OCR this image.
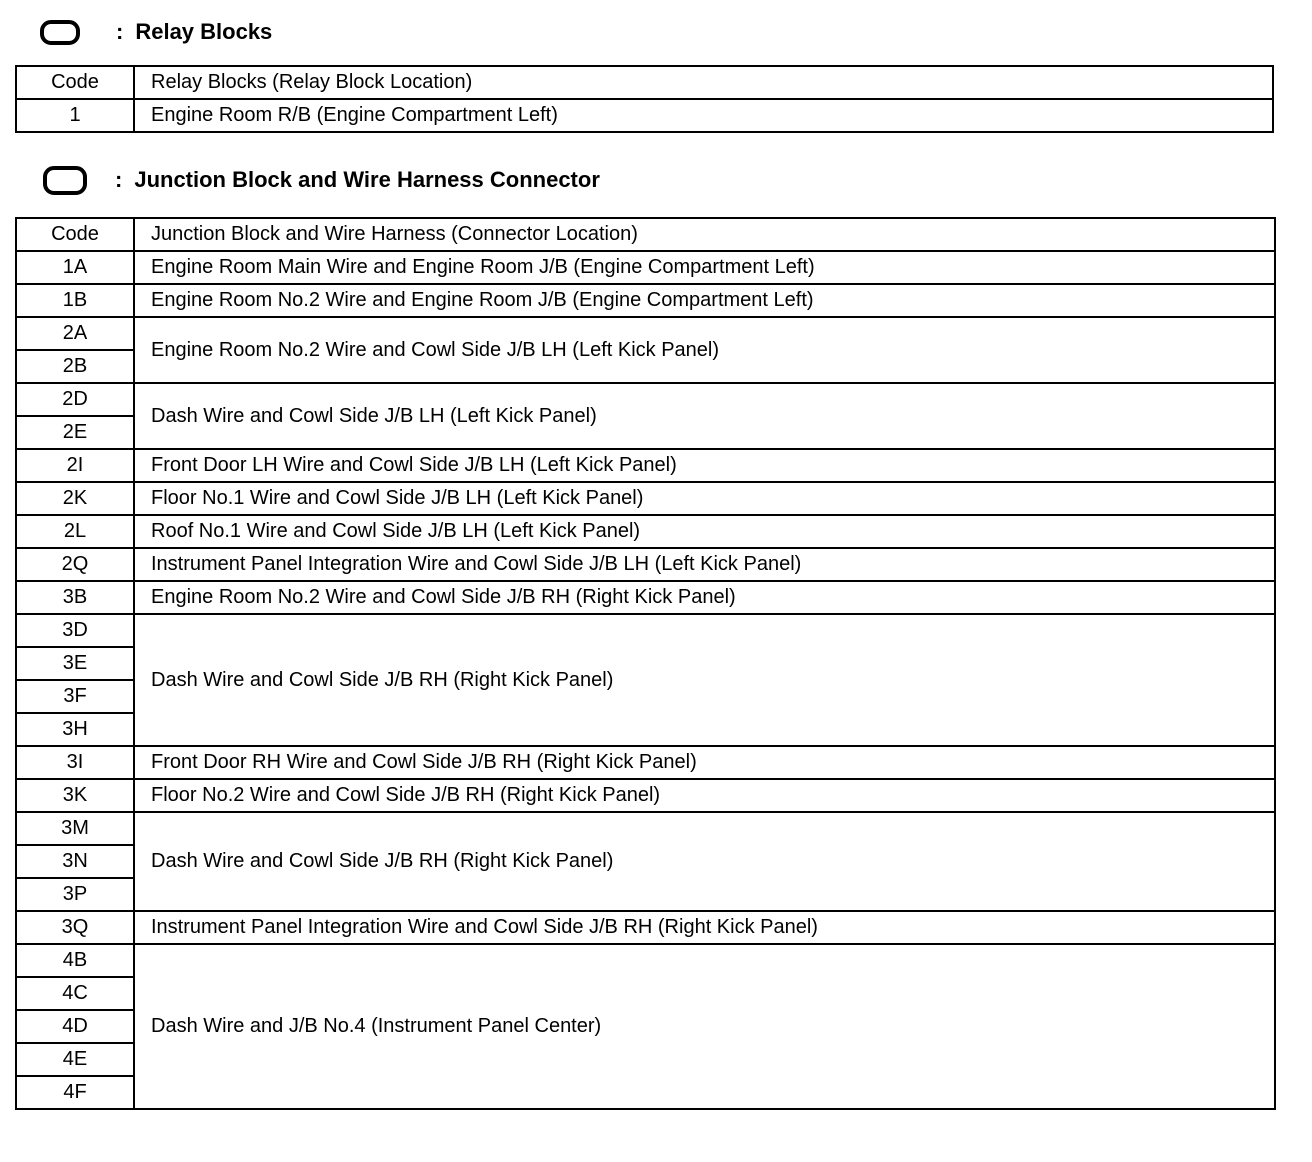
: Relay Blocks
Code	Relay Blocks (Relay Block Location)
1	Engine Room R/B (Engine Compartment Left)
: Junction Block and Wire Harness Connector
Code	Junction Block and Wire Harness (Connector Location)
1A	Engine Room Main Wire and Engine Room J/B (Engine Compartment Left)
1B	Engine Room No.2 Wire and Engine Room J/B (Engine Compartment Left)
2A	Engine Room No.2 Wire and Cowl Side J/B LH (Left Kick Panel)
2B	
2D	Dash Wire and Cowl Side J/B LH (Left Kick Panel)
2E	
2I	Front Door LH Wire and Cowl Side J/B LH (Left Kick Panel)
2K	Floor No.1 Wire and Cowl Side J/B LH (Left Kick Panel)
2L	Roof No.1 Wire and Cowl Side J/B LH (Left Kick Panel)
2Q	Instrument Panel Integration Wire and Cowl Side J/B LH (Left Kick Panel)
3B	Engine Room No.2 Wire and Cowl Side J/B RH (Right Kick Panel)
3D	Dash Wire and Cowl Side J/B RH (Right Kick Panel)
3E	
3F	
3H	
3I	Front Door RH Wire and Cowl Side J/B RH (Right Kick Panel)
3K	Floor No.2 Wire and Cowl Side J/B RH (Right Kick Panel)
3M	Dash Wire and Cowl Side J/B RH (Right Kick Panel)
3N	
3P	
3Q	Instrument Panel Integration Wire and Cowl Side J/B RH (Right Kick Panel)
4B	Dash Wire and J/B No.4 (Instrument Panel Center)
4C	
4D	
4E	
4F	
